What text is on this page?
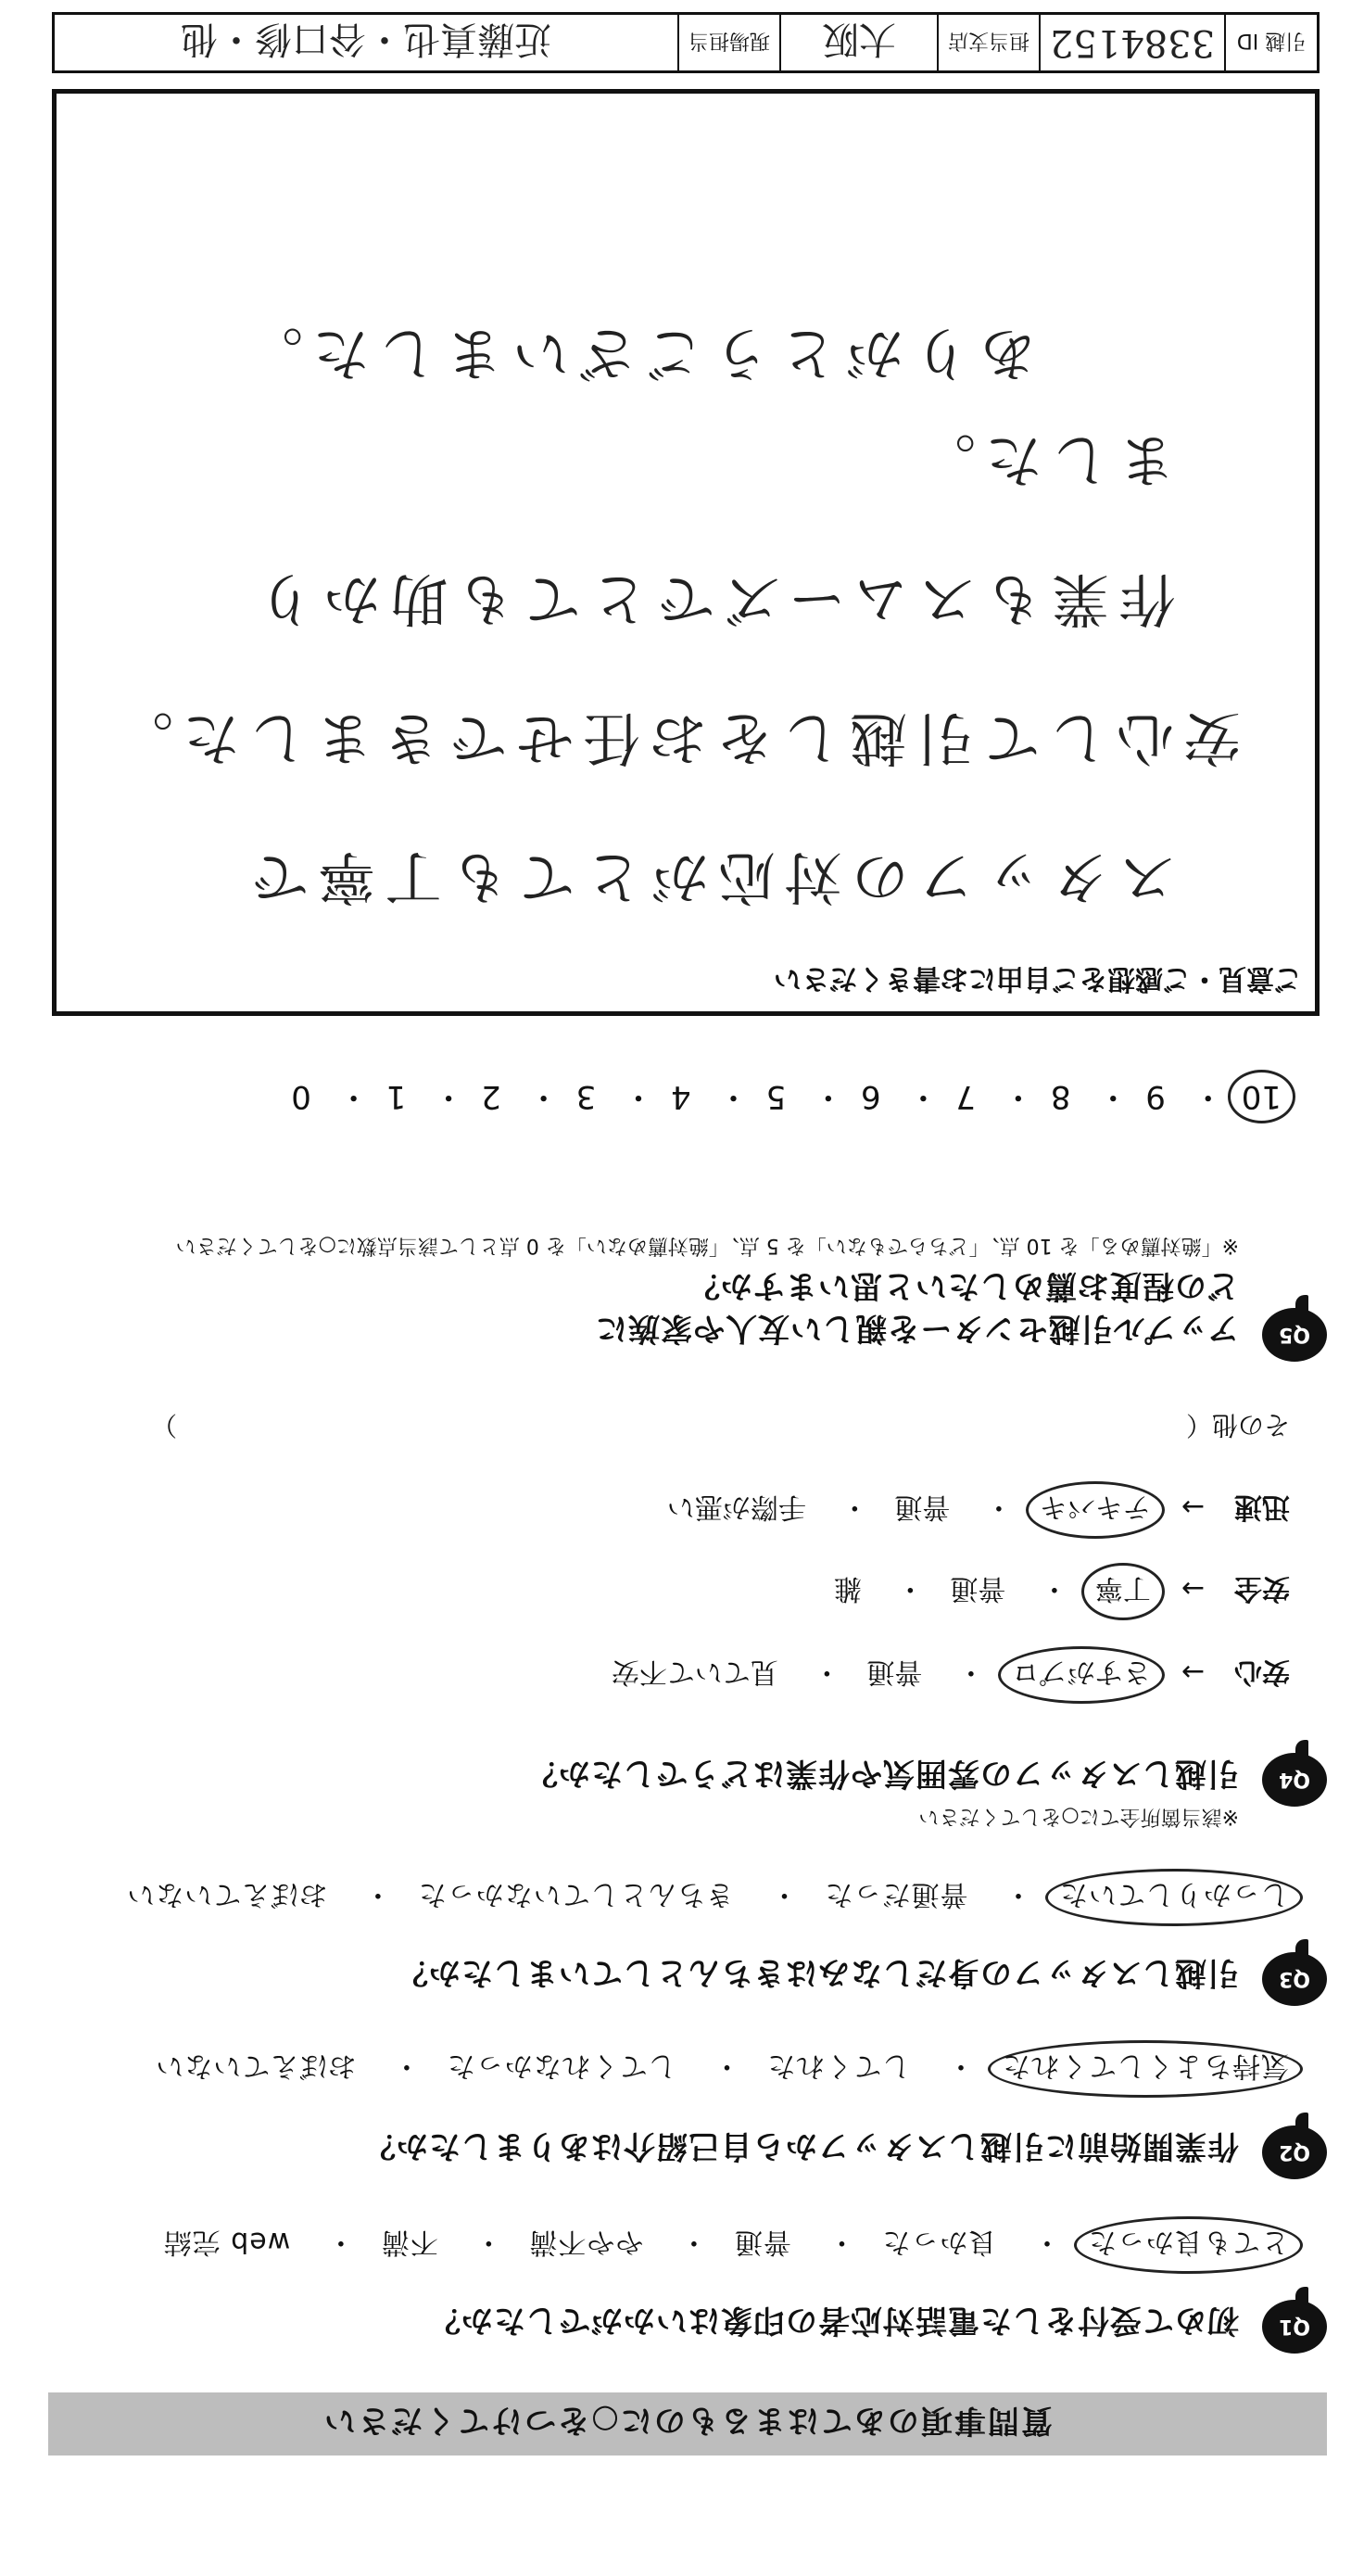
質問事項のあてはまるものに○をつけてください
Q1
初めて受付をした電話対応者の印象はいかがでしたか？
とても良かった・ 良かった・ 普通・ やや不満・ 不満・ web 完結
Q2
作業開始前に引越しスタッフから自己紹介はありましたか？
気持ちよくしてくれた・ してくれた・ してくれなかった・ おぼえていない
Q3
引越しスタッフの身だしなみはきちんとしていましたか？
しっかりしていた・ 普通だった・ きちんとしていなかった・ おぼえていない
Q4
引越しスタッフの雰囲気や作業はどうでしたか？
※該当箇所全てに○をしてください
安心 → さすがプロ・ 普通・ 見ていて不安
安全 → 丁寧・ 普通・ 雑
迅速 → テキパキ・ 普通・ 手際が悪い
その他（ ）
Q5
アップル引越センターを親しい友人や家族に
どの程度お薦めしたいと思いますか？
※「絶対薦める」を 10 点、「どちらでもない」を 5 点、「絶対薦めない」を 0 点として該当点数に○をしてください
10・ 9・ 8・ 7・ 6・ 5・ 4・ 3・ 2・ 1・ 0
ご意見・ご感想をご自由にお書きください
スタッフの対応がとても丁寧で
安心して引越しをお任せできました。
作業もスムーズでとても助かり
ました。
ありがとうございました。
引越 ID
3384152
担当支店
大阪
現場担当
近藤真也・谷口修・他
